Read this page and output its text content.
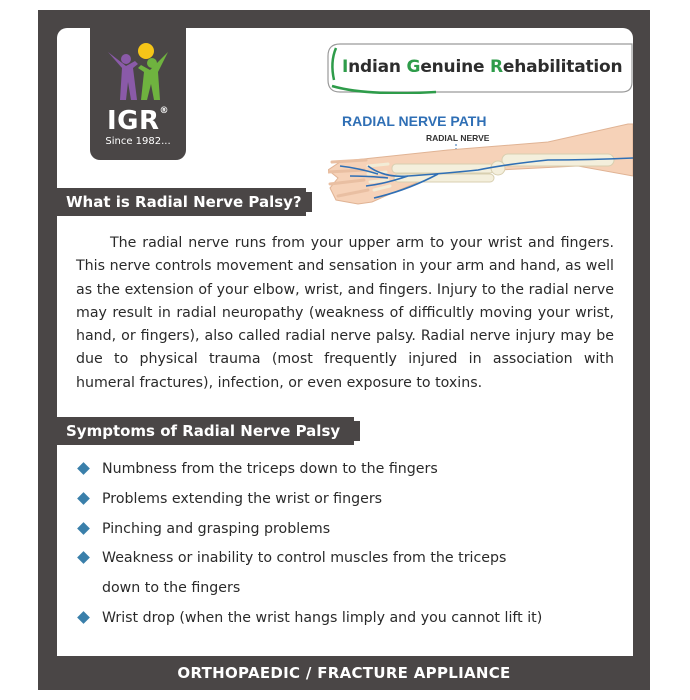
IGR®
Since 1982...
Indian Genuine Rehabilitation
RADIAL NERVE PATH
RADIAL NERVE
What is Radial Nerve Palsy?
The radial nerve runs from your upper arm to your wrist and fingers. This nerve controls movement and sensation in your arm and hand, as well as the extension of your elbow, wrist, and fingers. Injury to the radial nerve may result in radial neuropathy (weakness of difficultly moving your wrist, hand, or fingers), also called radial nerve palsy. Radial nerve injury may be due to physical trauma (most frequently injured in association with humeral fractures), infection, or even exposure to toxins.
Symptoms of Radial Nerve Palsy
Numbness from the triceps down to the fingers
Problems extending the wrist or fingers
Pinching and grasping problems
Weakness or inability to control muscles from the triceps down to the fingers
Wrist drop (when the wrist hangs limply and you cannot lift it)
ORTHOPAEDIC / FRACTURE APPLIANCE
